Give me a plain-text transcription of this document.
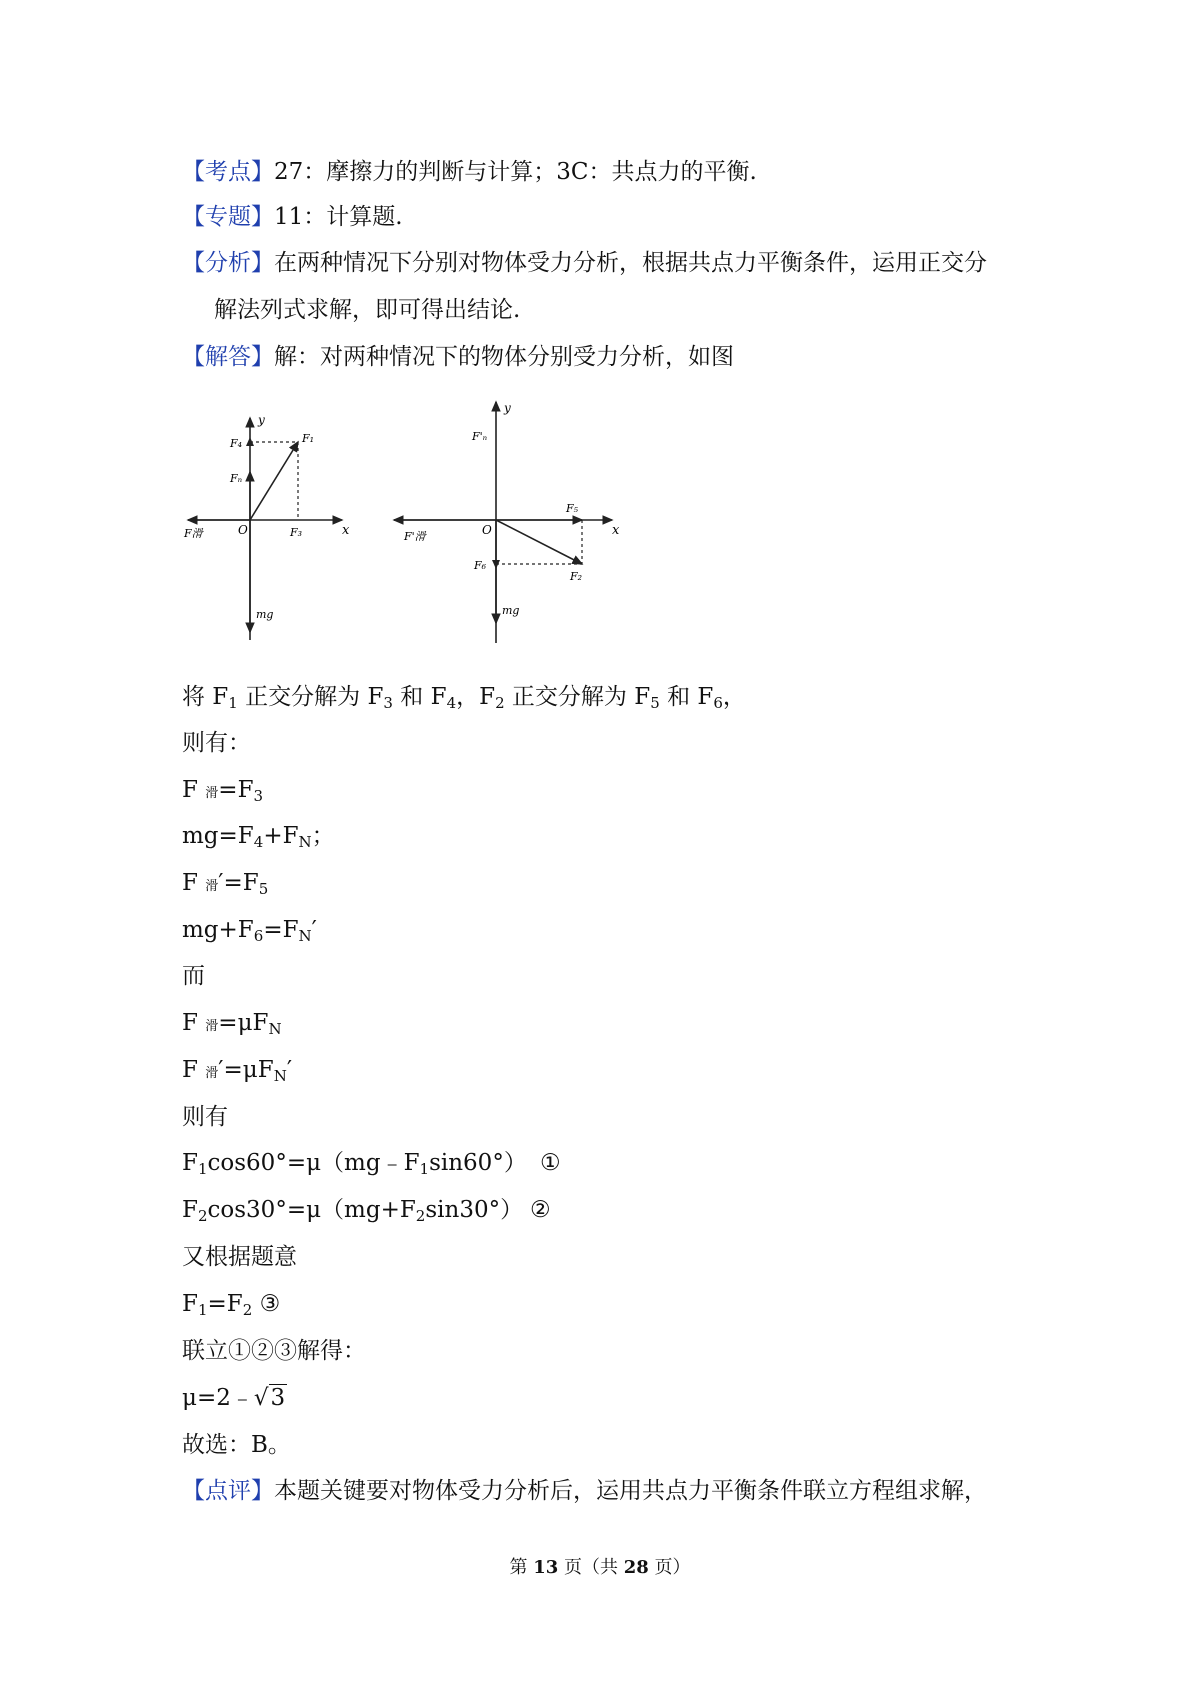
【考点】27：摩擦力的判断与计算；3C：共点力的平衡.
【专题】11：计算题.
【分析】在两种情况下分别对物体受力分析，根据共点力平衡条件，运用正交分
解法列式求解，即可得出结论.
【解答】解：对两种情况下的物体分别受力分析，如图
y
x
O
F₁
F₃
F₄
Fₙ
F滑
mg
y
x
O
F₂
F₅
F₆
F'ₙ
F'滑
mg
将 $F_1$ 正交分解为 $F_3$ 和 $F_4$，$F_2$ 正交分解为 $F_5$ 和 $F_6$，
则有：
F 滑$=F_3$
$mg=F_4+F_N$；
F 滑$'=F_5$
$mg+F_6=F_N'$
而
F 滑$=\mu F_N$
F 滑$'=\mu F_N'$
则有
$F_1\cos 60^\circ=\mu(mg﹣F_1\sin 60^\circ)$ ①
$F_2\cos 30^\circ=\mu(mg+F_2\sin 30^\circ)$ ②
又根据题意
$F_1=F_2$ ③
联立①②③解得：
μ=2﹣√3
故选：B。
【点评】本题关键要对物体受力分析后，运用共点力平衡条件联立方程组求解，
第 13 页（共 28 页）
